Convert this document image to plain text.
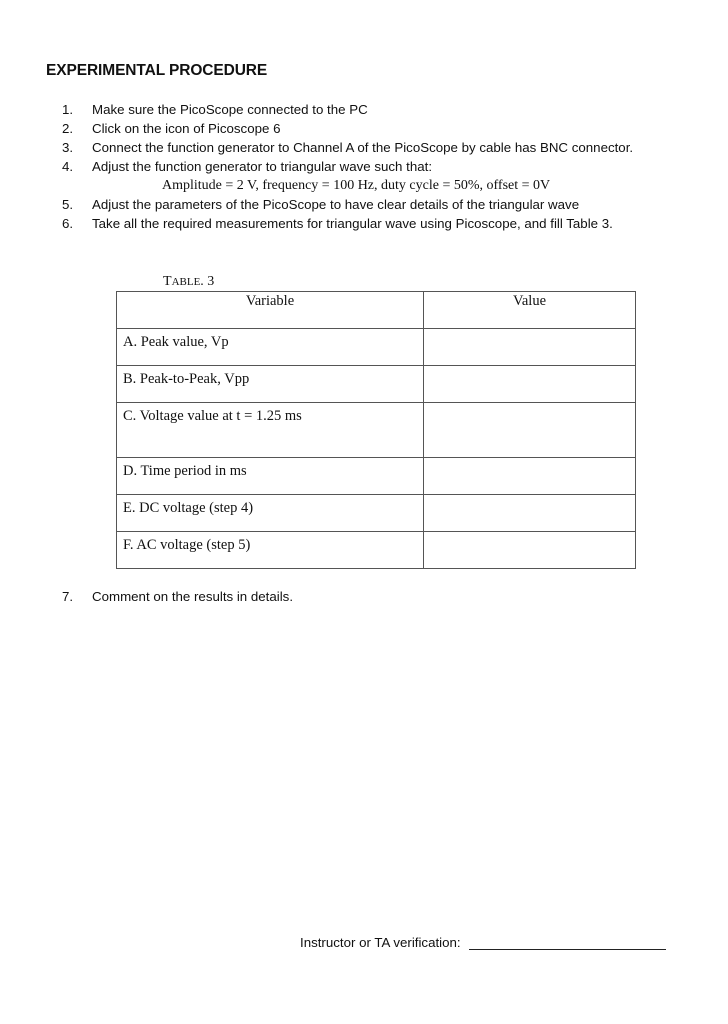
EXPERIMENTAL PROCEDURE
1.	Make sure the PicoScope connected to the PC
2.	Click on the icon of Picoscope 6
3.	Connect the function generator to Channel A of the PicoScope by cable has BNC connector.
4.	Adjust the function generator to triangular wave such that:
Amplitude = 2 V, frequency = 100 Hz, duty cycle = 50%, offset = 0V
5.	Adjust the parameters of the PicoScope to have clear details of the triangular wave
6.	Take all the required measurements for triangular wave using Picoscope, and fill Table 3.
TABLE. 3
Variable	Value
A. Peak value, Vp	
B. Peak-to-Peak, Vpp	
C. Voltage value at t = 1.25 ms	
D. Time period in ms	
E. DC voltage (step 4)	
F. AC voltage (step 5)	
7.	Comment on the results in details.
Instructor or TA verification:
